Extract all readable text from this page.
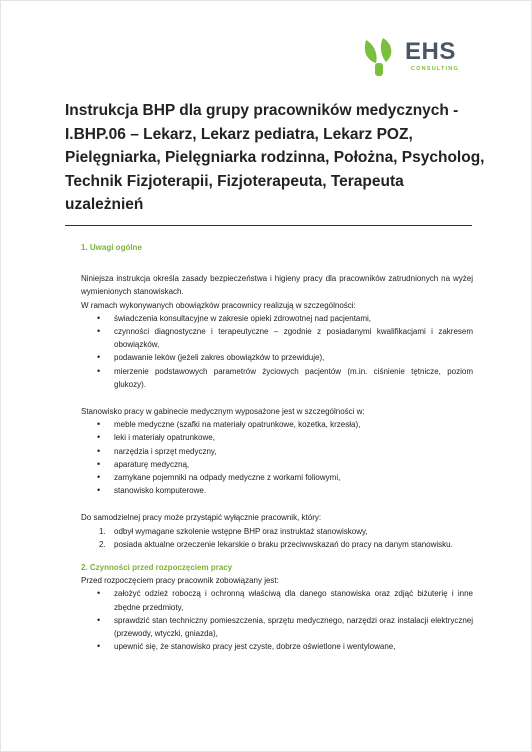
EHS
CONSULTING
Instrukcja BHP dla grupy pracowników medycznych - I.BHP.06 – Lekarz, Lekarz pediatra, Lekarz POZ, Pielęgniarka, Pielęgniarka rodzinna, Położna, Psycholog, Technik Fizjoterapii, Fizjoterapeuta, Terapeuta uzależnień

1. Uwagi ogólne

Niniejsza instrukcja określa zasady bezpieczeństwa i higieny pracy dla pracowników zatrudnionych na wyżej wymienionych stanowiskach.

W ramach wykonywanych obowiązków pracownicy realizują w szczególności:

• świadczenia konsultacyjne w zakresie opieki zdrowotnej nad pacjentami,
• czynności diagnostyczne i terapeutyczne – zgodnie z posiadanymi kwalifikacjami i zakresem obowiązków,
• podawanie leków (jeżeli zakres obowiązków to przewiduje),
• mierzenie podstawowych parametrów życiowych pacjentów (m.in. ciśnienie tętnicze, poziom glukozy).

Stanowisko pracy w gabinecie medycznym wyposażone jest w szczególności w:

• meble medyczne (szafki na materiały opatrunkowe, kozetka, krzesła),
• leki i materiały opatrunkowe,
• narzędzia i sprzęt medyczny,
• aparaturę medyczną,
• zamykane pojemniki na odpady medyczne z workami foliowymi,
• stanowisko komputerowe.

Do samodzielnej pracy może przystąpić wyłącznie pracownik, który:

1. odbył wymagane szkolenie wstępne BHP oraz instruktaż stanowiskowy,
2. posiada aktualne orzeczenie lekarskie o braku przeciwwskazań do pracy na danym stanowisku.

2. Czynności przed rozpoczęciem pracy

Przed rozpoczęciem pracy pracownik zobowiązany jest:

• założyć odzież roboczą i ochronną właściwą dla danego stanowiska oraz zdjąć biżuterię i inne zbędne przedmioty,
• sprawdzić stan techniczny pomieszczenia, sprzętu medycznego, narzędzi oraz instalacji elektrycznej (przewody, wtyczki, gniazda),
• upewnić się, że stanowisko pracy jest czyste, dobrze oświetlone i wentylowane,
